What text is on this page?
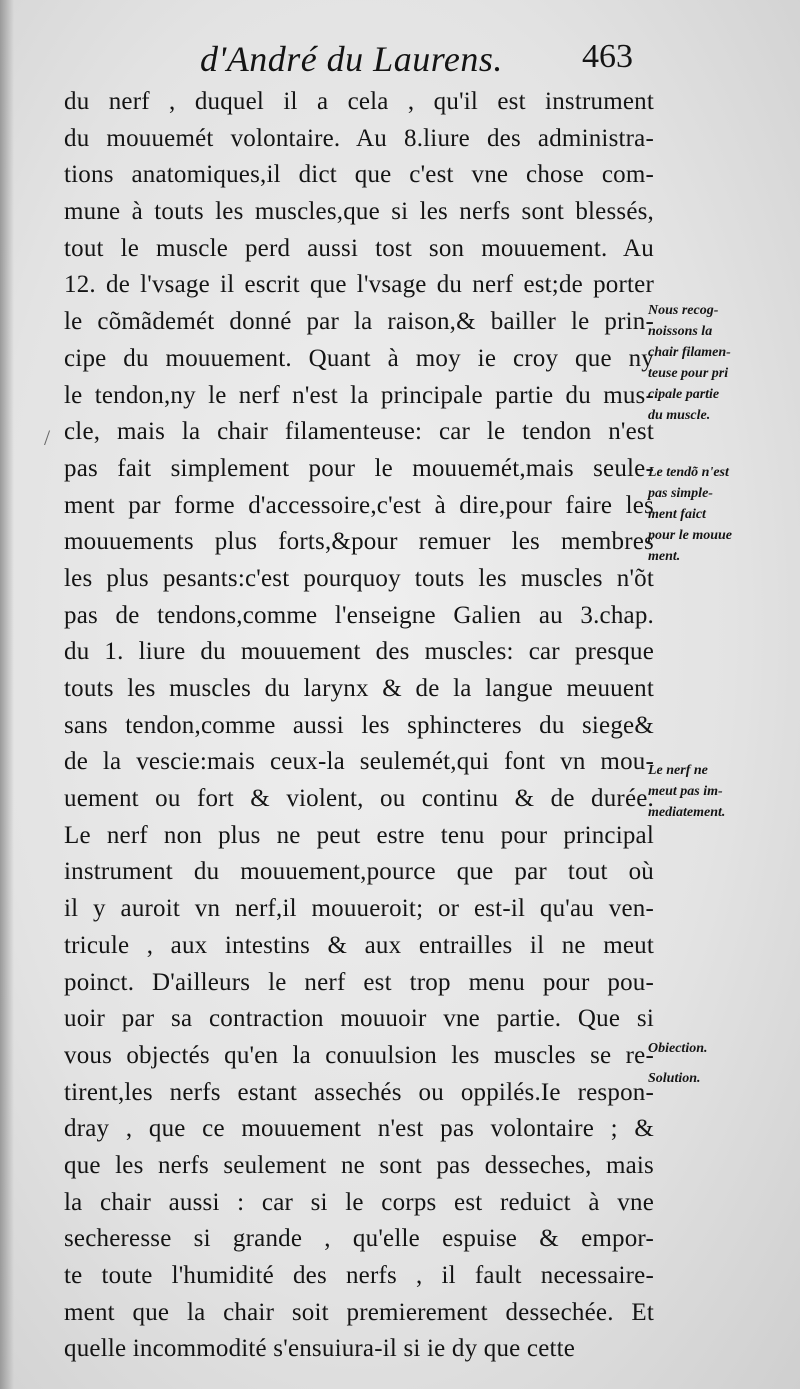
d'André du Laurens. 463
/
du nerf , duquel il a cela , qu'il est instrument
du mouuemét volontaire. Au 8.liure des administra-
tions anatomiques,il dict que c'est vne chose com-
mune à touts les muscles,que si les nerfs sont blessés,
tout le muscle perd aussi tost son mouuement. Au
12. de l'vsage il escrit que l'vsage du nerf est;de porter
le cõmãdemét donné par la raison,& bailler le prin-
cipe du mouuement. Quant à moy ie croy que ny
le tendon,ny le nerf n'est la principale partie du mus-
cle, mais la chair filamenteuse: car le tendon n'est
pas fait simplement pour le mouuemét,mais seule-
ment par forme d'accessoire,c'est à dire,pour faire les
mouuements plus forts,&pour remuer les membres
les plus pesants:c'est pourquoy touts les muscles n'õt
pas de tendons,comme l'enseigne Galien au 3.chap.
du 1. liure du mouuement des muscles: car presque
touts les muscles du larynx & de la langue meuuent
sans tendon,comme aussi les sphincteres du siege&
de la vescie:mais ceux-la seulemét,qui font vn mou-
uement ou fort & violent, ou continu & de durée.
Le nerf non plus ne peut estre tenu pour principal
instrument du mouuement,pource que par tout où
il y auroit vn nerf,il mouueroit; or est-il qu'au ven-
tricule , aux intestins & aux entrailles il ne meut
poinct. D'ailleurs le nerf est trop menu pour pou-
uoir par sa contraction mouuoir vne partie. Que si
vous objectés qu'en la conuulsion les muscles se re-
tirent,les nerfs estant assechés ou oppilés.Ie respon-
dray , que ce mouuement n'est pas volontaire ; &
que les nerfs seulement ne sont pas desseches, mais
la chair aussi : car si le corps est reduict à vne
secheresse si grande , qu'elle espuise & empor-
te toute l'humidité des nerfs , il fault necessaire-
ment que la chair soit premierement dessechée. Et
quelle incommodité s'ensuiura-il si ie dy que cette
Nous recog-
noissons la
chair filamen-
teuse pour pri
cipale partie
du muscle.
Le tendõ n'est
pas simple-
ment faict
pour le mouue
ment.
Le nerf ne
meut pas im-
mediatement.
Obiection.
Solution.
